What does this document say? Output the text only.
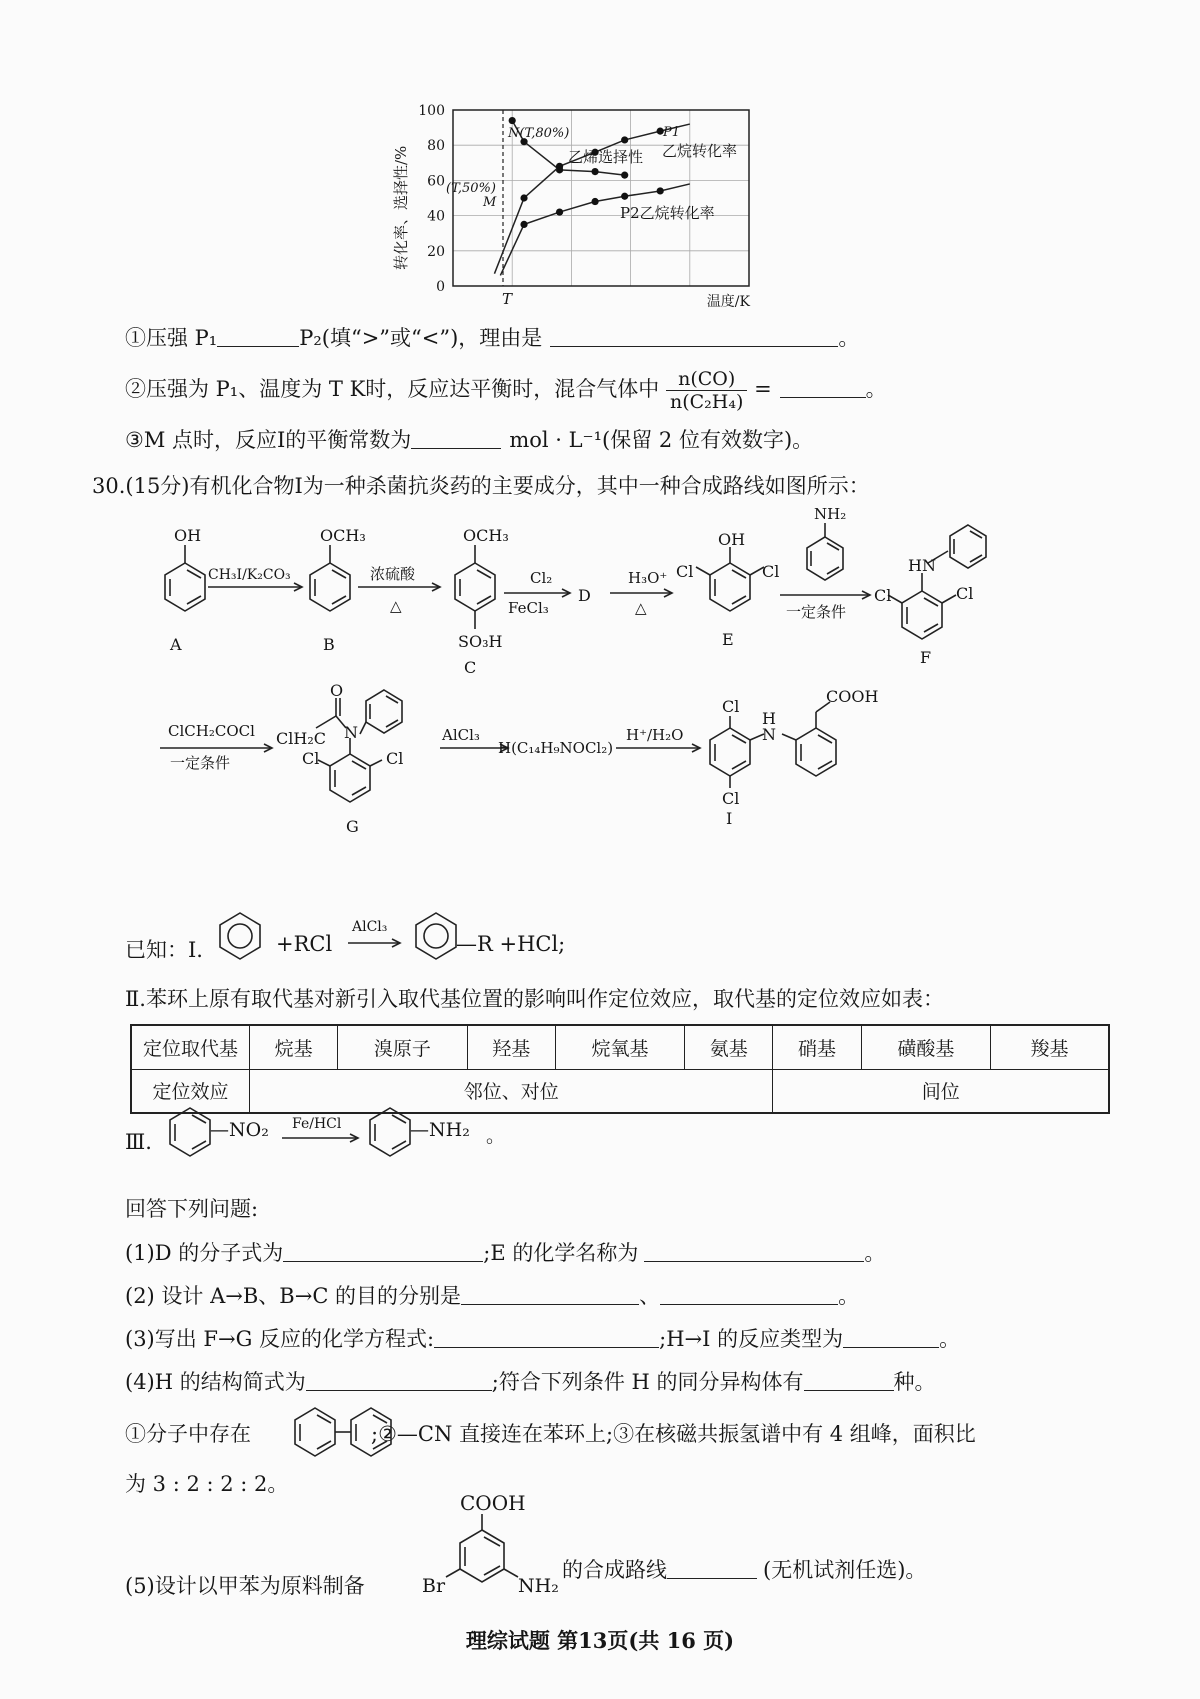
0
20
40
60
80
100
T	温度/K
转化率、选择性/%
N(T,80%)
(T,50%)
M
P1
乙烷转化率
乙烯选择性
P2乙烷转化率
①压强 P₁	P₂(填“>”或“<”)，理由是	。
②压强为 P₁、温度为 T K时，反应达平衡时，混合气体中 $\frac{n(CO)}{\text{n(C₂H₄)}}$ =	。
③M 点时，反应Ⅰ的平衡常数为	mol · L⁻¹(保留 2 位有效数字)。
30.(15分)有机化合物Ⅰ为一种杀菌抗炎药的主要成分，其中一种合成路线如图所示：
OH
A
CH₃I/K₂CO₃
OCH₃
B
浓硫酸
△
OCH₃
SO₃H
C
Cl₂
FeCl₃
D
H₃O⁺
△
OH
Cl	Cl
E
NH₂
一定条件
HN
Cl	Cl
F
ClCH₂COCl
一定条件
ClH₂C
O
N
Cl	Cl
G
AlCl₃
H(C₁₄H₉NOCl₂)
H⁺/H₂O
Cl
H
N
COOH
Cl
I
已知：Ⅰ.	+RCl
AlCl₃
—R +HCl;
Ⅱ.苯环上原有取代基对新引入取代基位置的影响叫作定位效应，取代基的定位效应如表：
定位取代基	烷基	溴原子	羟基	烷氧基	氨基	硝基	磺酸基	羧基
定位效应	邻位、对位					间位		
Ⅲ.	—NO₂ Fe/HCl	—NH₂ 。
回答下列问题:
(1)D 的分子式为	;E 的化学名称为	。
(2) 设计 A→B、B→C 的目的分别是	、	。
(3)写出 F→G 反应的化学方程式:	;H→I 的反应类型为	。
(4)H 的结构简式为	;符合下列条件 H 的同分异构体有	种。
①分子中存在	;②—CN 直接连在苯环上;③在核磁共振氢谱中有 4 组峰，面积比
为 3 : 2 : 2 : 2。
(5)设计以甲苯为原料制备
COOH
Br	NH₂
的合成路线	(无机试剂任选)。
理综试题 第13页(共 16 页)
